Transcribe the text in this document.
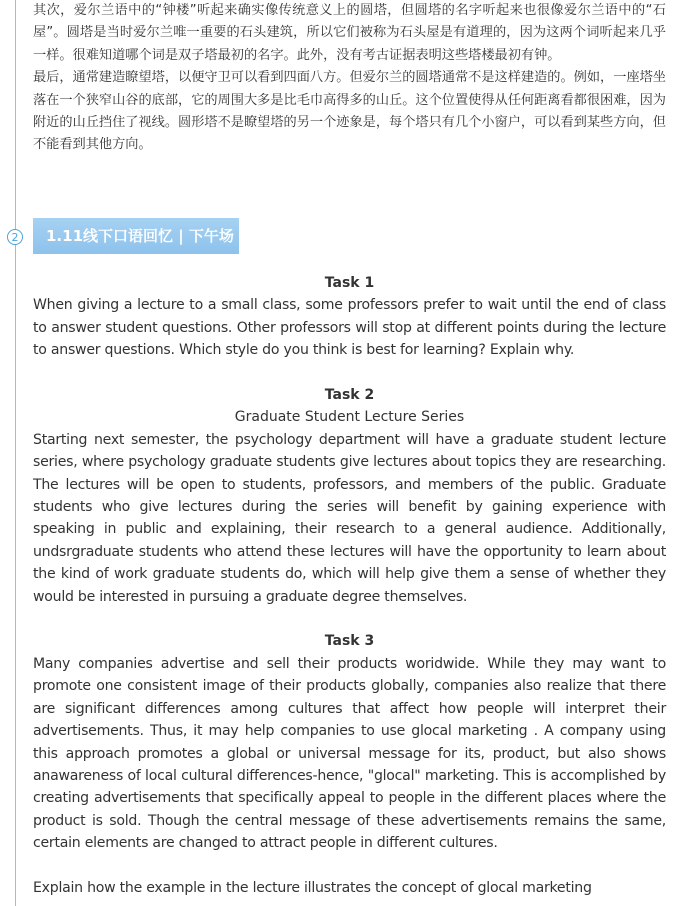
其次，爱尔兰语中的“钟楼”听起来确实像传统意义上的圆塔，但圆塔的名字听起来也很像爱尔兰语中的“石屋”。圆塔是当时爱尔兰唯一重要的石头建筑，所以它们被称为石头屋是有道理的，因为这两个词听起来几乎一样。很难知道哪个词是双子塔最初的名字。此外，没有考古证据表明这些塔楼最初有钟。

最后，通常建造瞭望塔，以便守卫可以看到四面八方。但爱尔兰的圆塔通常不是这样建造的。例如，一座塔坐落在一个狭窄山谷的底部，它的周围大多是比毛巾高得多的山丘。这个位置使得从任何距离看都很困难，因为附近的山丘挡住了视线。圆形塔不是瞭望塔的另一个迹象是，每个塔只有几个小窗户，可以看到某些方向，但不能看到其他方向。

2	1.11线下口语回忆 | 下午场

Task 1

When giving a lecture to a small class, some professors prefer to wait until the end of class to answer student questions. Other professors will stop at different points during the lecture to answer questions. Which style do you think is best for learning? Explain why.

Task 2

Graduate Student Lecture Series

Starting next semester, the psychology department will have a graduate student lecture series, where psychology graduate students give lectures about topics they are researching. The lectures will be open to students, professors, and members of the public. Graduate students who give lectures during the series will benefit by gaining experience with speaking in public and explaining, their research to a general audience. Additionally, undsrgraduate students who attend these lectures will have the opportunity to learn about the kind of work graduate students do, which will help give them a sense of whether they would be interested in pursuing a graduate degree themselves.

Task 3

Many companies advertise and sell their products woridwide. While they may want to promote one consistent image of their products globally, companies also realize that there are significant differences among cultures that affect how people will interpret their advertisements. Thus, it may help companies to use glocal marketing . A company using this approach promotes a global or universal message for its, product, but also shows anawareness of local cultural differences-hence, "glocal" marketing. This is accomplished by creating advertisements that specifically appeal to people in the different places where the product is sold. Though the central message of these advertisements remains the same, certain elements are changed to attract people in different cultures.

Explain how the example in the lecture illustrates the concept of glocal marketing
